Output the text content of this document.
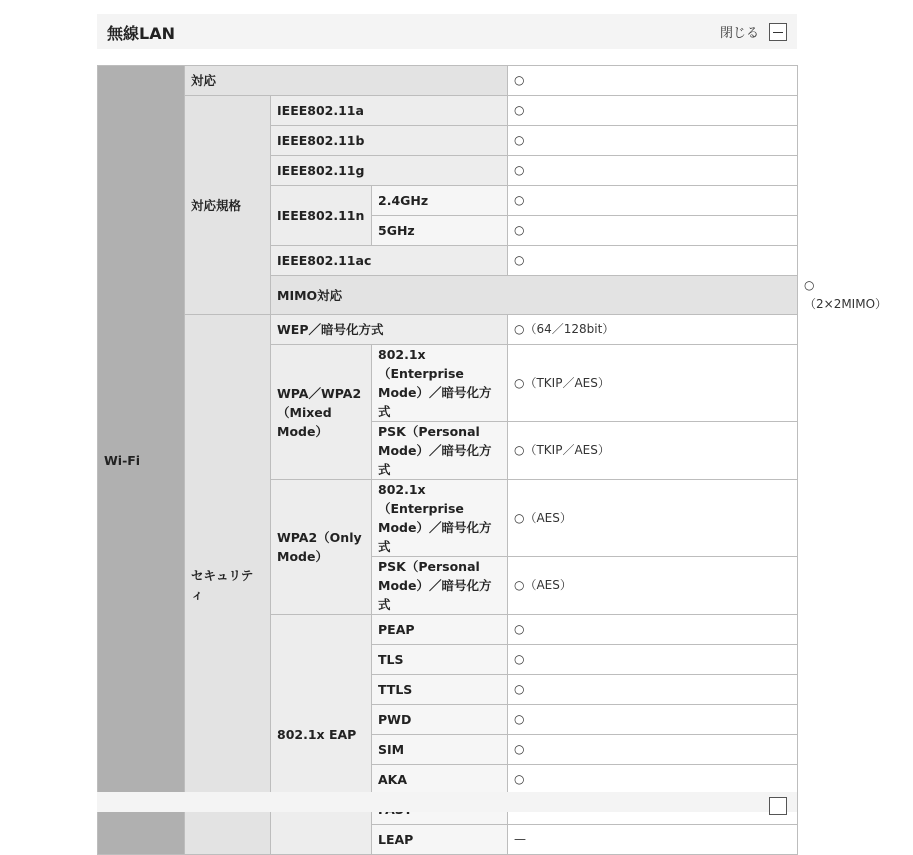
無線LAN	閉じる
Wi-Fi	対応			○	
	対応規格	IEEE802.11a		○	
		IEEE802.11b		○	
		IEEE802.11g		○	
		IEEE802.11n	2.4GHz	○	
			5GHz	○	
		IEEE802.11ac		○	
		MIMO対応			○（2×2MIMO）
	セキュリティ	WEP／暗号化方式		○（64／128bit）	
		WPA／WPA2（Mixed Mode）	802.1x（Enterprise Mode）／暗号化方式	○（TKIP／AES）	
			PSK（Personal Mode）／暗号化方式	○（TKIP／AES）	
		WPA2（Only Mode）	802.1x（Enterprise Mode）／暗号化方式	○（AES）	
			PSK（Personal Mode）／暗号化方式	○（AES）	
		802.1x EAP	PEAP	○	
			TLS	○	
			TTLS	○	
			PWD	○	
			SIM	○	
			AKA	○	

			LEAP	—	
